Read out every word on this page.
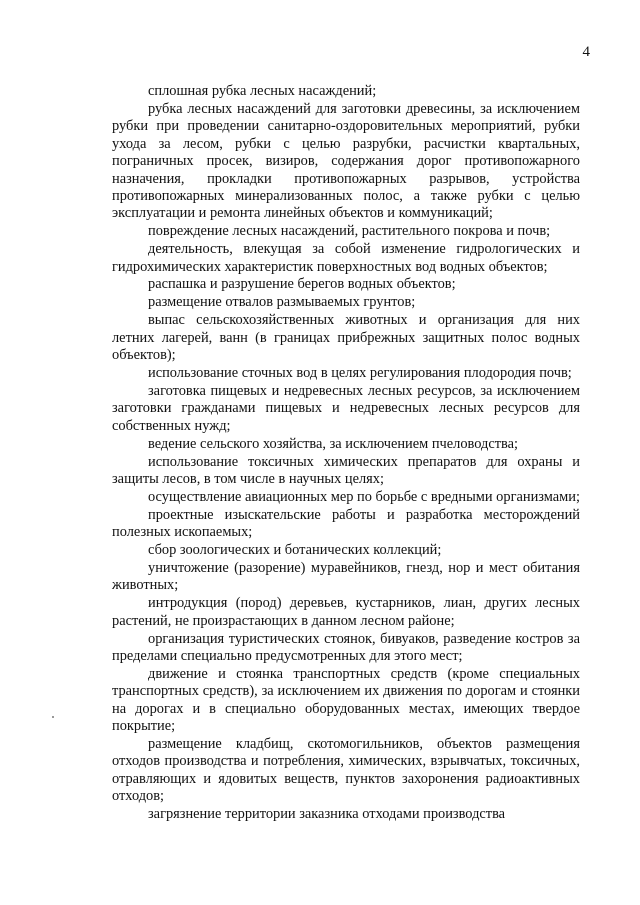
4

сплошная рубка лесных насаждений;

рубка лесных насаждений для заготовки древесины, за исключением рубки при проведении санитарно-оздоровительных мероприятий, рубки ухода за лесом, рубки с целью разрубки, расчистки квартальных, пограничных просек, визиров, содержания дорог противопожарного назначения, прокладки противопожарных разрывов, устройства противопожарных минерализованных полос, а также рубки с целью эксплуатации и ремонта линейных объектов и коммуникаций;

повреждение лесных насаждений, растительного покрова и почв;

деятельность, влекущая за собой изменение гидрологических и гидрохимических характеристик поверхностных вод водных объектов;

распашка и разрушение берегов водных объектов;

размещение отвалов размываемых грунтов;

выпас сельскохозяйственных животных и организация для них летних лагерей, ванн (в границах прибрежных защитных полос водных объектов);

использование сточных вод в целях регулирования плодородия почв;

заготовка пищевых и недревесных лесных ресурсов, за исключением заготовки гражданами пищевых и недревесных лесных ресурсов для собственных нужд;

ведение сельского хозяйства, за исключением пчеловодства;

использование токсичных химических препаратов для охраны и защиты лесов, в том числе в научных целях;

осуществление авиационных мер по борьбе с вредными организмами;

проектные изыскательские работы и разработка месторождений полезных ископаемых;

сбор зоологических и ботанических коллекций;

уничтожение (разорение) муравейников, гнезд, нор и мест обитания животных;

интродукция (пород) деревьев, кустарников, лиан, других лесных растений, не произрастающих в данном лесном районе;

организация туристических стоянок, бивуаков, разведение костров за пределами специально предусмотренных для этого мест;

движение и стоянка транспортных средств (кроме специальных транспортных средств), за исключением их движения по дорогам и стоянки на дорогах и в специально оборудованных местах, имеющих твердое покрытие;

размещение кладбищ, скотомогильников, объектов размещения отходов производства и потребления, химических, взрывчатых, токсичных, отравляющих и ядовитых веществ, пунктов захоронения радиоактивных отходов;

загрязнение территории заказника отходами производства
